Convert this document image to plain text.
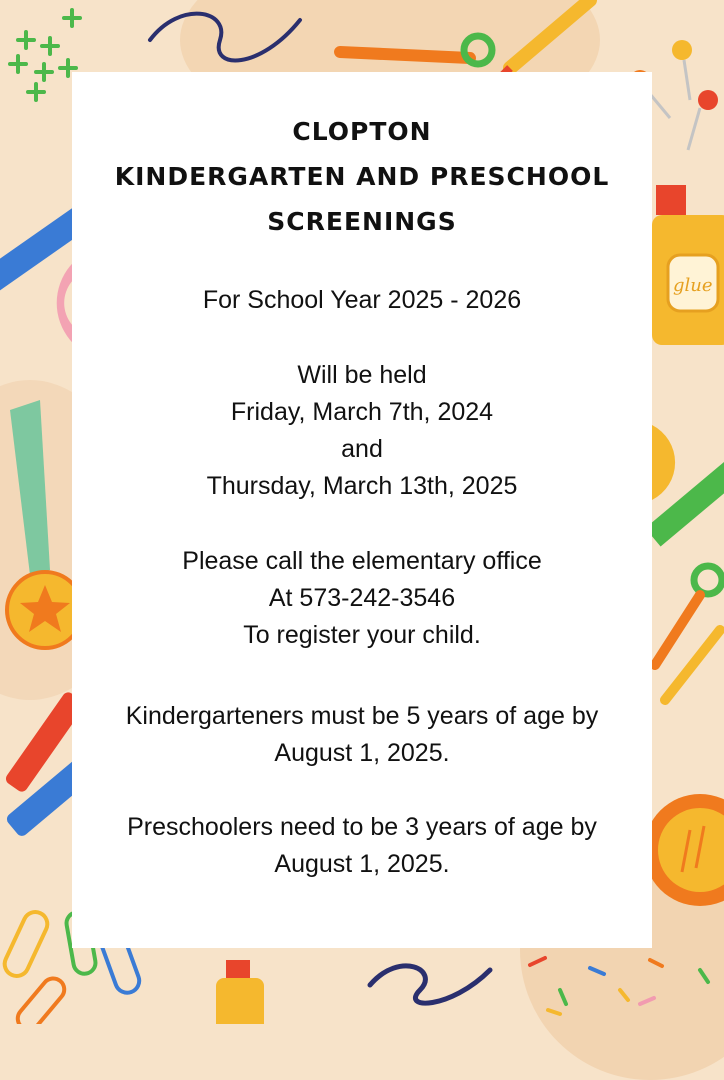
glue
CLOPTON
KINDERGARTEN AND PRESCHOOL
SCREENINGS
For School Year 2025 - 2026
Will be held
Friday, March 7th, 2024
and
Thursday, March 13th, 2025
Please call the elementary office
At 573-242-3546
To register your child.
Kindergarteners must be 5 years of age by
August 1, 2025.
Preschoolers need to be 3 years of age by
August 1, 2025.
